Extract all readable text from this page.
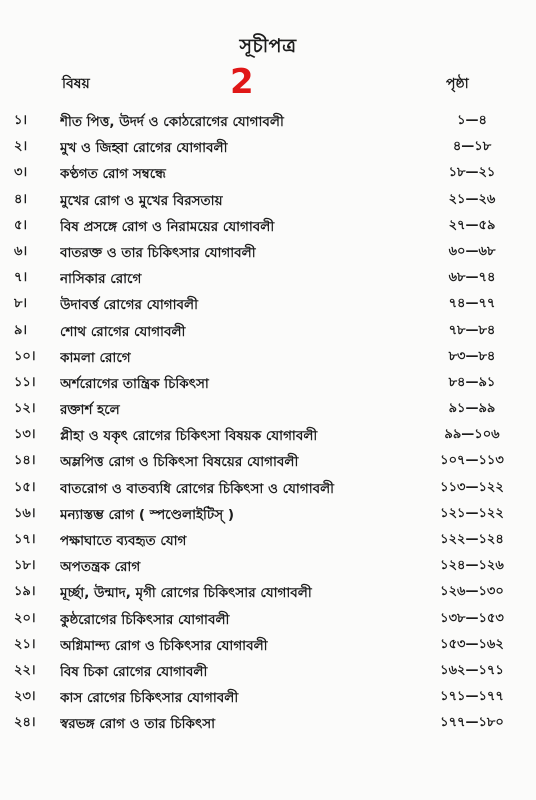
সূচীপত্র
বিষয়	2	পৃষ্ঠা
১।	শীত পিত্ত, উদর্দ ও কোঠরোগের যোগাবলী	১—৪
২।	মুখ ও জিহ্বা রোগের যোগাবলী	৪—১৮
৩।	কণ্ঠগত রোগ সম্বন্ধে	১৮—২১
৪।	মুখের রোগ ও মুখের বিরসতায়	২১—২৬
৫।	বিষ প্রসঙ্গে রোগ ও নিরাময়ের যোগাবলী	২৭—৫৯
৬।	বাতরক্ত ও তার চিকিৎসার যোগাবলী	৬০—৬৮
৭।	নাসিকার রোগে	৬৮—৭৪
৮।	উদাবর্ত্ত রোগের যোগাবলী	৭৪—৭৭
৯।	শোথ রোগের যোগাবলী	৭৮—৮৪
১০।	কামলা রোগে	৮৩—৮৪
১১।	অর্শরোগের তান্ত্রিক চিকিৎসা	৮৪—৯১
১২।	রক্তার্শ হলে	৯১—৯৯
১৩।	প্লীহা ও যকৃৎ রোগের চিকিৎসা বিষয়ক যোগাবলী	৯৯—১০৬
১৪।	অম্লপিত্ত রোগ ও চিকিৎসা বিষয়ের যোগাবলী	১০৭—১১৩
১৫।	বাতরোগ ও বাতব্যধি রোগের চিকিৎসা ও যোগাবলী	১১৩—১২২
১৬।	মন্যাস্তম্ভ রোগ ( স্পণ্ডেলাইটিস্ )	১২১—১২২
১৭।	পক্ষাঘাতে ব্যবহৃত যোগ	১২২—১২৪
১৮।	অপতন্ত্রক রোগ	১২৪—১২৬
১৯।	মূর্চ্ছা, উন্মাদ, মৃগী রোগের চিকিৎসার যোগাবলী	১২৬—১৩০
২০।	কুষ্ঠরোগের চিকিৎসার যোগাবলী	১৩৮—১৫৩
২১।	অগ্নিমান্দ্য রোগ ও চিকিৎসার যোগাবলী	১৫৩—১৬২
২২।	বিষ চিকা রোগের যোগাবলী	১৬২—১৭১
২৩।	কাস রোগের চিকিৎসার যোগাবলী	১৭১—১৭৭
২৪।	স্বরভঙ্গ রোগ ও তার চিকিৎসা	১৭৭—১৮০
